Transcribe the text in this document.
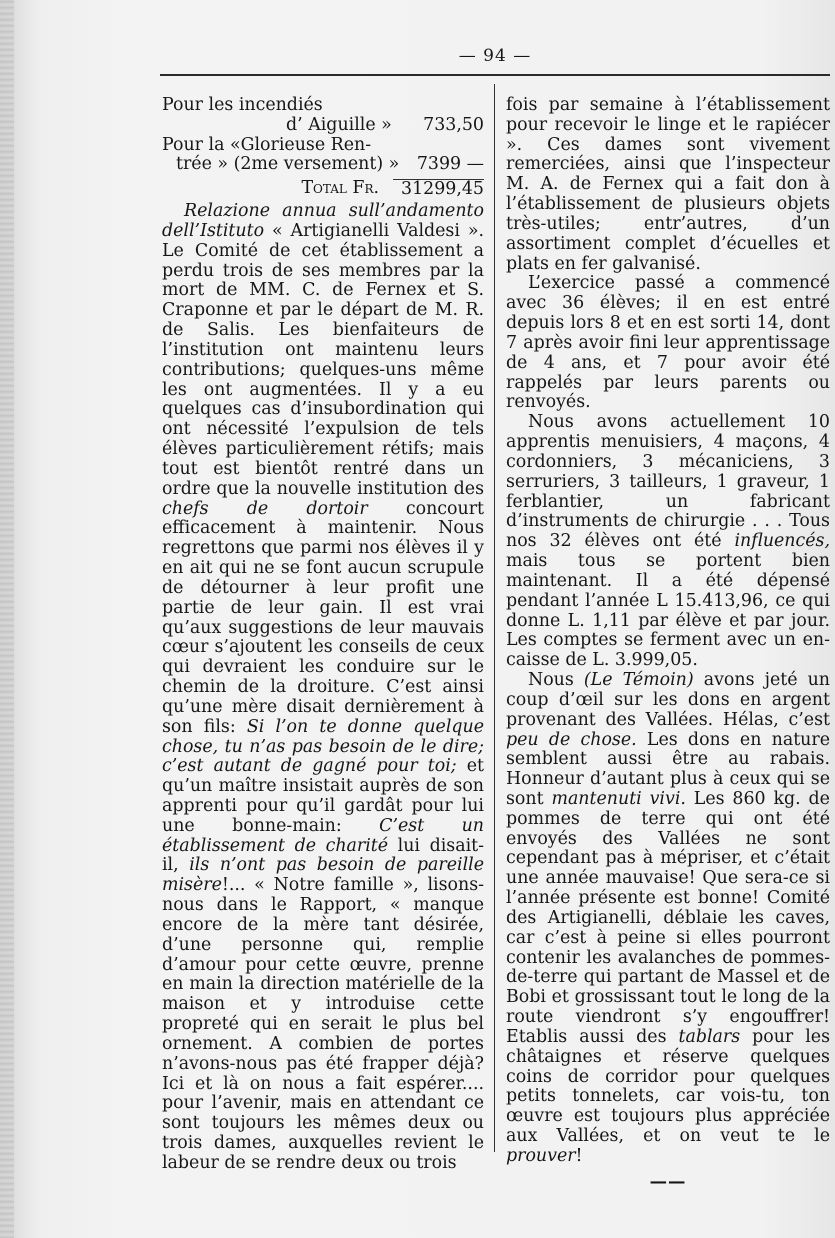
— 94 —
Pour les incendiés
d’ Aiguille » 733,50
Pour la «Glorieuse Ren-
trée » (2me versement) » 7399 —
Total Fr.	31299,45

Relazione annua sull’andamento dell’Istituto « Artigianelli Valdesi ». Le Comité de cet établissement a perdu trois de ses membres par la mort de MM. C. de Fernex et S. Craponne et par le départ de M. R. de Salis. Les bienfaiteurs de l’institution ont maintenu leurs contributions; quelques-uns même les ont augmentées. Il y a eu quelques cas d’insubordination qui ont nécessité l’expulsion de tels élèves particulièrement rétifs; mais tout est bientôt rentré dans un ordre que la nouvelle institution des chefs de dortoir concourt efficacement à maintenir. Nous regrettons que parmi nos élèves il y en ait qui ne se font aucun scrupule de détourner à leur profit une partie de leur gain. Il est vrai qu’aux suggestions de leur mauvais cœur s’ajoutent les conseils de ceux qui devraient les conduire sur le chemin de la droiture. C’est ainsi qu’une mère disait dernièrement à son fils: Si l’on te donne quelque chose, tu n’as pas besoin de le dire; c’est autant de gagné pour toi; et qu’un maître insistait auprès de son apprenti pour qu’il gardât pour lui une bonne-main: C’est un établissement de charité lui disait-il, ils n’ont pas besoin de pareille misère!... « Notre famille », lisons-nous dans le Rapport, « manque encore de la mère tant désirée, d’une personne qui, remplie d’amour pour cette œuvre, prenne en main la direction matérielle de la maison et y introduise cette propreté qui en serait le plus bel ornement. A combien de portes n’avons-nous pas été frapper déjà? Ici et là on nous a fait espérer.... pour l’avenir, mais en attendant ce sont toujours les mêmes deux ou trois dames, auxquelles revient le labeur de se rendre deux ou trois

fois par semaine à l’établissement pour recevoir le linge et le rapiécer ». Ces dames sont vivement remerciées, ainsi que l’inspecteur M. A. de Fernex qui a fait don à l’établissement de plusieurs objets très-utiles; entr’autres, d’un assortiment complet d’écuelles et plats en fer galvanisé.

L’exercice passé a commencé avec 36 élèves; il en est entré depuis lors 8 et en est sorti 14, dont 7 après avoir fini leur apprentissage de 4 ans, et 7 pour avoir été rappelés par leurs parents ou renvoyés.

Nous avons actuellement 10 apprentis menuisiers, 4 maçons, 4 cordonniers, 3 mécaniciens, 3 serruriers, 3 tailleurs, 1 graveur, 1 ferblantier, un fabricant d’instruments de chirurgie . . . Tous nos 32 élèves ont été influencés, mais tous se portent bien maintenant. Il a été dépensé pendant l’année L 15.413,96, ce qui donne L. 1,11 par élève et par jour. Les comptes se ferment avec un en-caisse de L. 3.999,05.

Nous (Le Témoin) avons jeté un coup d’œil sur les dons en argent provenant des Vallées. Hélas, c’est peu de chose. Les dons en nature semblent aussi être au rabais. Honneur d’autant plus à ceux qui se sont mantenuti vivi. Les 860 kg. de pommes de terre qui ont été envoyés des Vallées ne sont cependant pas à mépriser, et c’était une année mauvaise! Que sera-ce si l’année présente est bonne! Comité des Artigianelli, déblaie les caves, car c’est à peine si elles pourront contenir les avalanches de pommes-de-terre qui partant de Massel et de Bobi et grossissant tout le long de la route viendront s’y engouffrer! Etablis aussi des tablars pour les châtaignes et réserve quelques coins de corridor pour quelques petits tonnelets, car vois-tu, ton œuvre est toujours plus appréciée aux Vallées, et on veut te le prouver!

——
